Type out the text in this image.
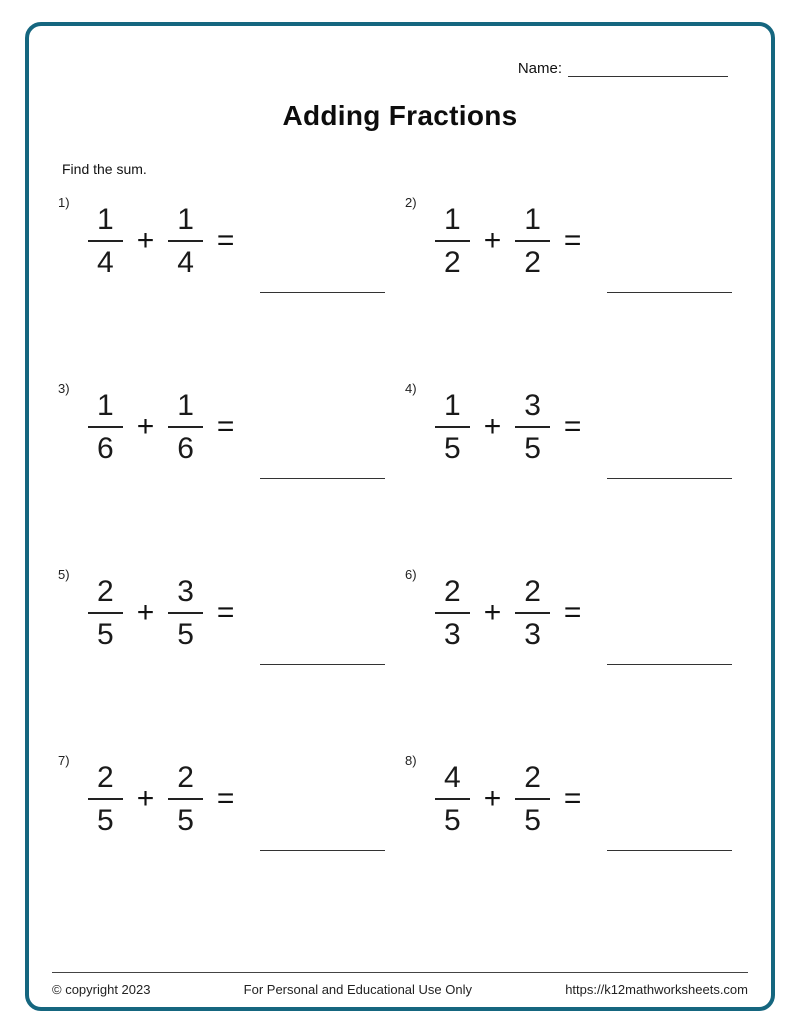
Name:
Adding Fractions
Find the sum.
1)
$\frac{1}{4} + \frac{1}{4}$ =
2)
$\frac{1}{2} + \frac{1}{2}$ =
3)
$\frac{1}{6} + \frac{1}{6}$ =
4)
$\frac{1}{5} + \frac{3}{5}$ =
5)
$\frac{2}{5} + \frac{3}{5}$ =
6)
$\frac{2}{3} + \frac{2}{3}$ =
7)
$\frac{2}{5} + \frac{2}{5}$ =
8)
$\frac{4}{5} + \frac{2}{5}$ =
© copyright 2023	For Personal and Educational Use Only	https://k12mathworksheets.com
